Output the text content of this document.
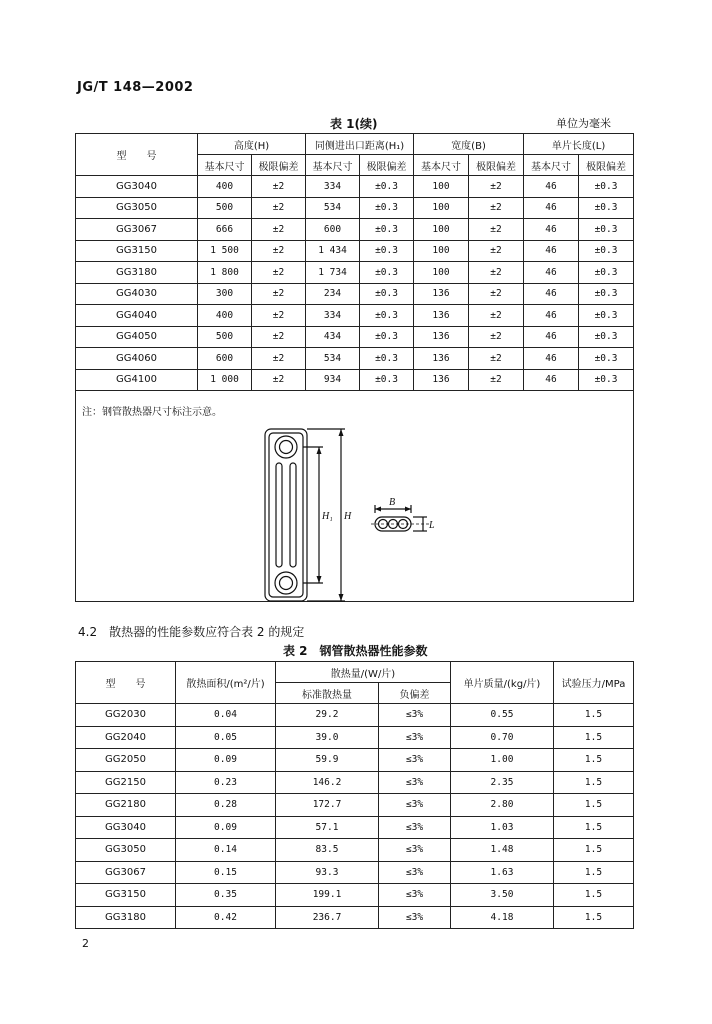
JG/T 148—2002
表 1(续)	单位为毫米
型　　号	高度(H)		同侧进出口距离(H₁)		宽度(B)		单片长度(L)	
	基本尺寸	极限偏差	基本尺寸	极限偏差	基本尺寸	极限偏差	基本尺寸	极限偏差
GG3040	400	±2	334	±0.3	100	±2	46	±0.3
GG3050	500	±2	534	±0.3	100	±2	46	±0.3
GG3067	666	±2	600	±0.3	100	±2	46	±0.3
GG3150	1 500	±2	1 434	±0.3	100	±2	46	±0.3
GG3180	1 800	±2	1 734	±0.3	100	±2	46	±0.3
GG4030	300	±2	234	±0.3	136	±2	46	±0.3
GG4040	400	±2	334	±0.3	136	±2	46	±0.3
GG4050	500	±2	434	±0.3	136	±2	46	±0.3
GG4060	600	±2	534	±0.3	136	±2	46	±0.3
GG4100	1 000	±2	934	±0.3	136	±2	46	±0.3

注：钢管散热器尺寸标注示意。
H₁ H
B
L
4.2　散热器的性能参数应符合表 2 的规定
表 2　钢管散热器性能参数
型　　号	散热面积/(m²/片)	散热量/(W/片)		单片质量/(kg/片)	试验压力/MPa
		标准散热量	负偏差		
GG2030	0.04	29.2	≤3%	0.55	1.5
GG2040	0.05	39.0	≤3%	0.70	1.5
GG2050	0.09	59.9	≤3%	1.00	1.5
GG2150	0.23	146.2	≤3%	2.35	1.5
GG2180	0.28	172.7	≤3%	2.80	1.5
GG3040	0.09	57.1	≤3%	1.03	1.5
GG3050	0.14	83.5	≤3%	1.48	1.5
GG3067	0.15	93.3	≤3%	1.63	1.5
GG3150	0.35	199.1	≤3%	3.50	1.5
GG3180	0.42	236.7	≤3%	4.18	1.5
2
